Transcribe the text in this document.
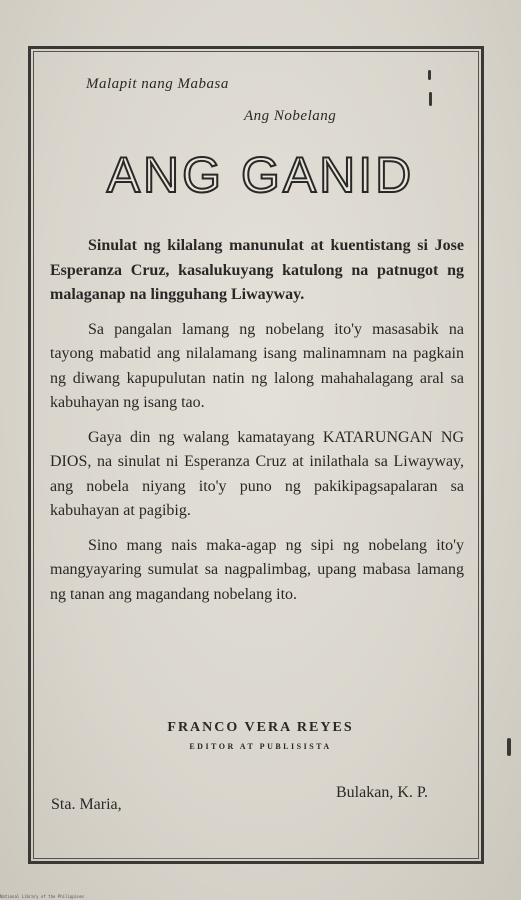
Malapit nang Mabasa
Ang Nobelang
ANG GANID

Sinulat ng kilalang manunulat at kuentistang si Jose Esperanza Cruz, kasalukuyang katulong na patnugot ng malaganap na lingguhang Liwayway.

Sa pangalan lamang ng nobelang ito'y masasabik na tayong mabatid ang nilalamang isang malinamnam na pagkain ng diwang kapupulutan natin ng lalong mahahalagang aral sa kabuhayan ng isang tao.

Gaya din ng walang kamatayang KATARUNGAN NG DIOS, na sinulat ni Esperanza Cruz at inilathala sa Liwayway, ang nobela niyang ito'y puno ng pakikipagsapalaran sa kabuhayan at pagibig.

Sino mang nais maka-agap ng sipi ng nobelang ito'y mangyayaring sumulat sa nagpalimbag, upang mabasa lamang ng tanan ang magandang nobelang ito.

FRANCO VERA REYES
EDITOR AT PUBLISISTA
Sta. Maria,
Bulakan, K. P.
National Library of the Philippines
